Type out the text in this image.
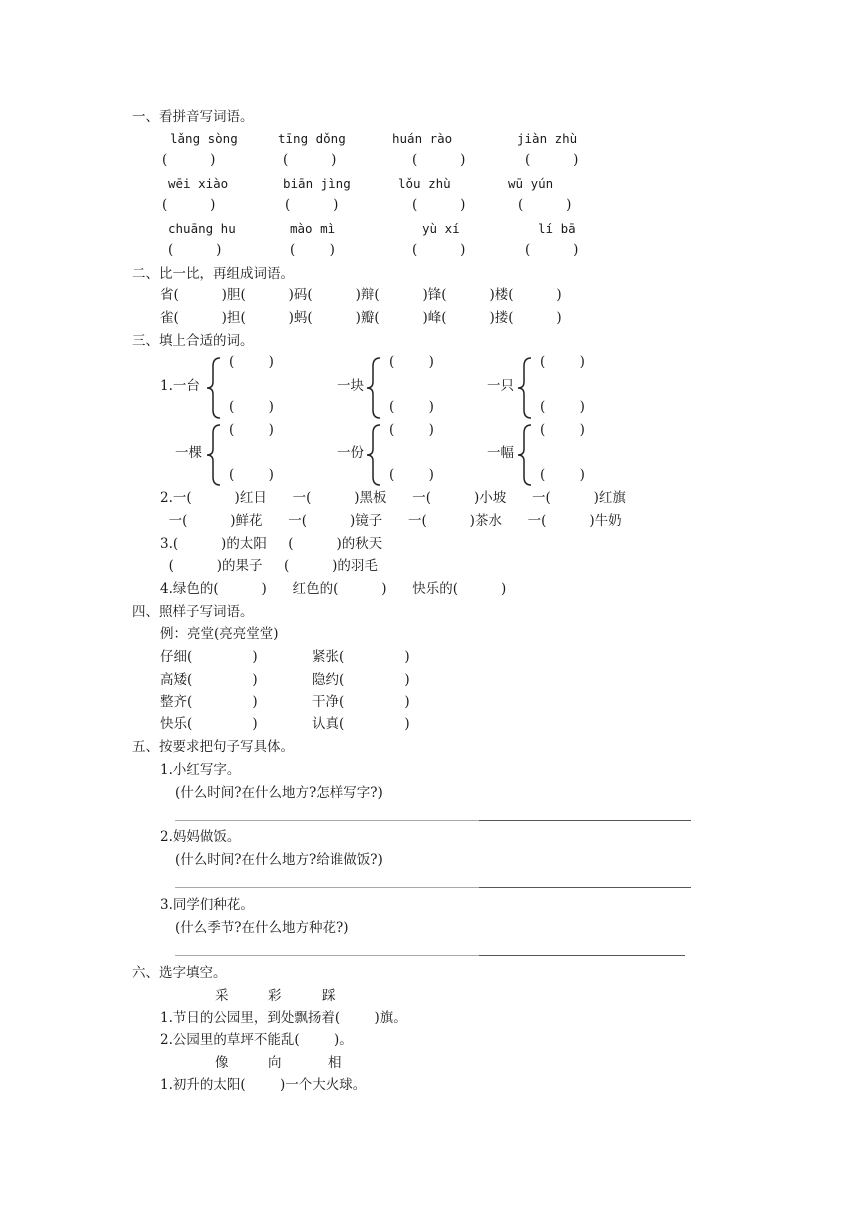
一、看拼音写词语。
lǎng sòng	tīng dǒng	huán rào	jiàn zhù
(          )	(          )	(          )	(          )
wēi xiào	biān jìng	lǒu zhù	wū yún
(          )	(          )	(          )	(          )
chuāng hu	mào mì	yù xí	lí bā
(          )	(        )	(          )	(          )
二、比一比，再组成词语。
省(          )胆(          )码(          )辩(          )锋(          )楼(          )
雀(          )担(          )蚂(          )瓣(          )峰(          )搂(          )
三、填上合适的词。
1.一台
(        )
(        )
一块
(        )
(        )
一只
(        )
(        )
一棵
(        )
(        )
一份
(        )
(        )
一幅
(        )
(        )
2.一(          )红日      一(          )黑板      一(          )小坡      一(          )红旗
一(          )鲜花      一(          )镜子      一(          )茶水      一(          )牛奶
3.(          )的太阳     (          )的秋天
(          )的果子     (          )的羽毛
4.绿色的(          )      红色的(          )      快乐的(          )
四、照样子写词语。
例：亮堂(亮亮堂堂)
仔细(              )	紧张(              )
高矮(              )	隐约(              )
整齐(              )	干净(              )
快乐(              )	认真(              )
五、按要求把句子写具体。
1.小红写字。
(什么时间?在什么地方?怎样写字?)
2.妈妈做饭。
(什么时间?在什么地方?给谁做饭?)
3.同学们种花。
(什么季节?在什么地方种花?)
六、选字填空。
采	彩	踩
1.节日的公园里，到处飘扬着(        )旗。
2.公园里的草坪不能乱(        )。
像	向	相
1.初升的太阳(        )一个大火球。
